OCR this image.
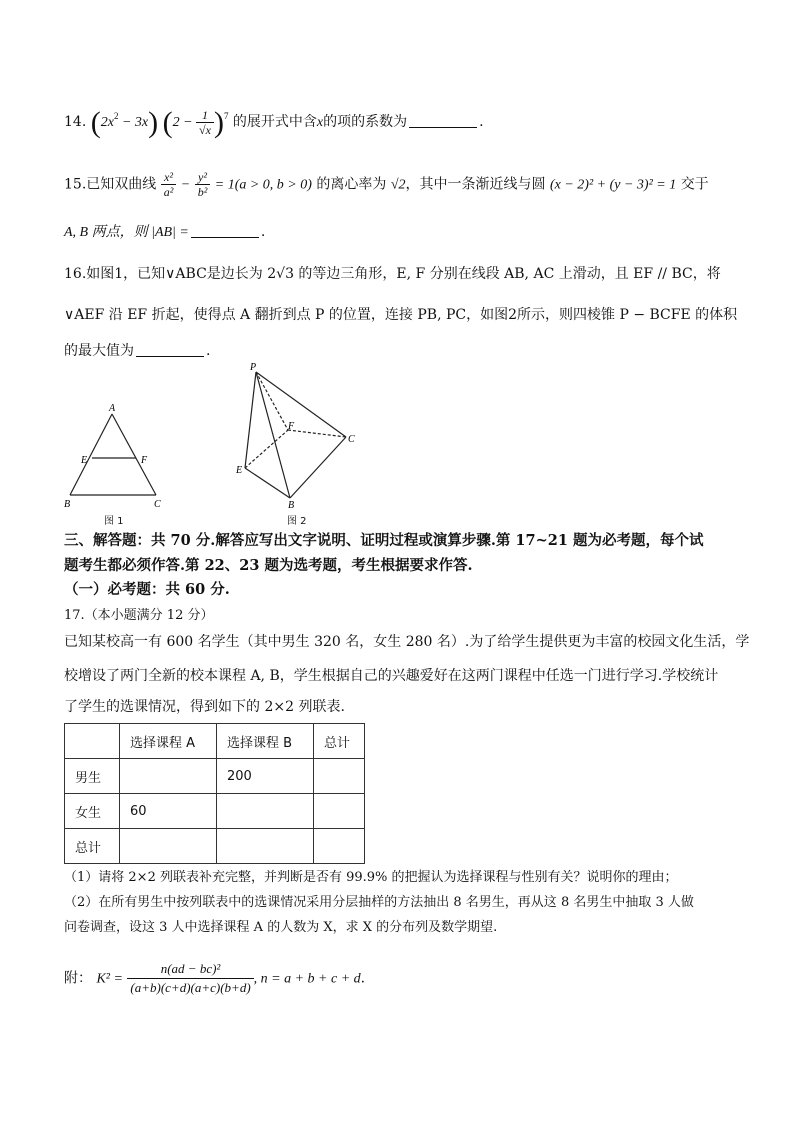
14. $(2x^2 - 3x) (2 - \frac{1}{√x} )^7$ 的展开式中含x的项的系数为	.
15.已知双曲线 $\frac{\text{x²}}{\text{a²}} - \frac{\text{y²}}{\text{b²}} = 1(a > 0$, b > 0) 的离心率为 √2，其中一条渐近线与圆 (x − 2)² + (y − 3)² = 1 交于
A, B 两点，则 |AB| =	.
16.如图1，已知∨ABC是边长为 2√3 的等边三角形，E, F 分别在线段 AB, AC 上滑动，且 EF // BC，将
∨AEF 沿 EF 折起，使得点 A 翻折到点 P 的位置，连接 PB, PC，如图2所示，则四棱锥 P − BCFE 的体积
的最大值为	.
A
E	F
B	C
图 1
P
F
C
E
B
图 2
三、解答题：共 70 分.解答应写出文字说明、证明过程或演算步骤.第 17~21 题为必考题，每个试
题考生都必须作答.第 22、23 题为选考题，考生根据要求作答.
（一）必考题：共 60 分.
17.（本小题满分 12 分）
已知某校高一有 600 名学生（其中男生 320 名，女生 280 名）.为了给学生提供更为丰富的校园文化生活，学
校增设了两门全新的校本课程 A, B，学生根据自己的兴趣爱好在这两门课程中任选一门进行学习.学校统计
了学生的选课情况，得到如下的 2×2 列联表.
	选择课程 A	选择课程 B	总计
男生		200	
女生	60		
总计			
（1）请将 2×2 列联表补充完整，并判断是否有 99.9% 的把握认为选择课程与性别有关？说明你的理由；
（2）在所有男生中按列联表中的选课情况采用分层抽样的方法抽出 8 名男生，再从这 8 名男生中抽取 3 人做
问卷调查，设这 3 人中选择课程 A 的人数为 X，求 X 的分布列及数学期望.
附： $K^2 = \frac{\text{n(ad − bc)²}}{(a+b)(c+d)(a+c)(b+d)}$ , n = a + b + c + d.
